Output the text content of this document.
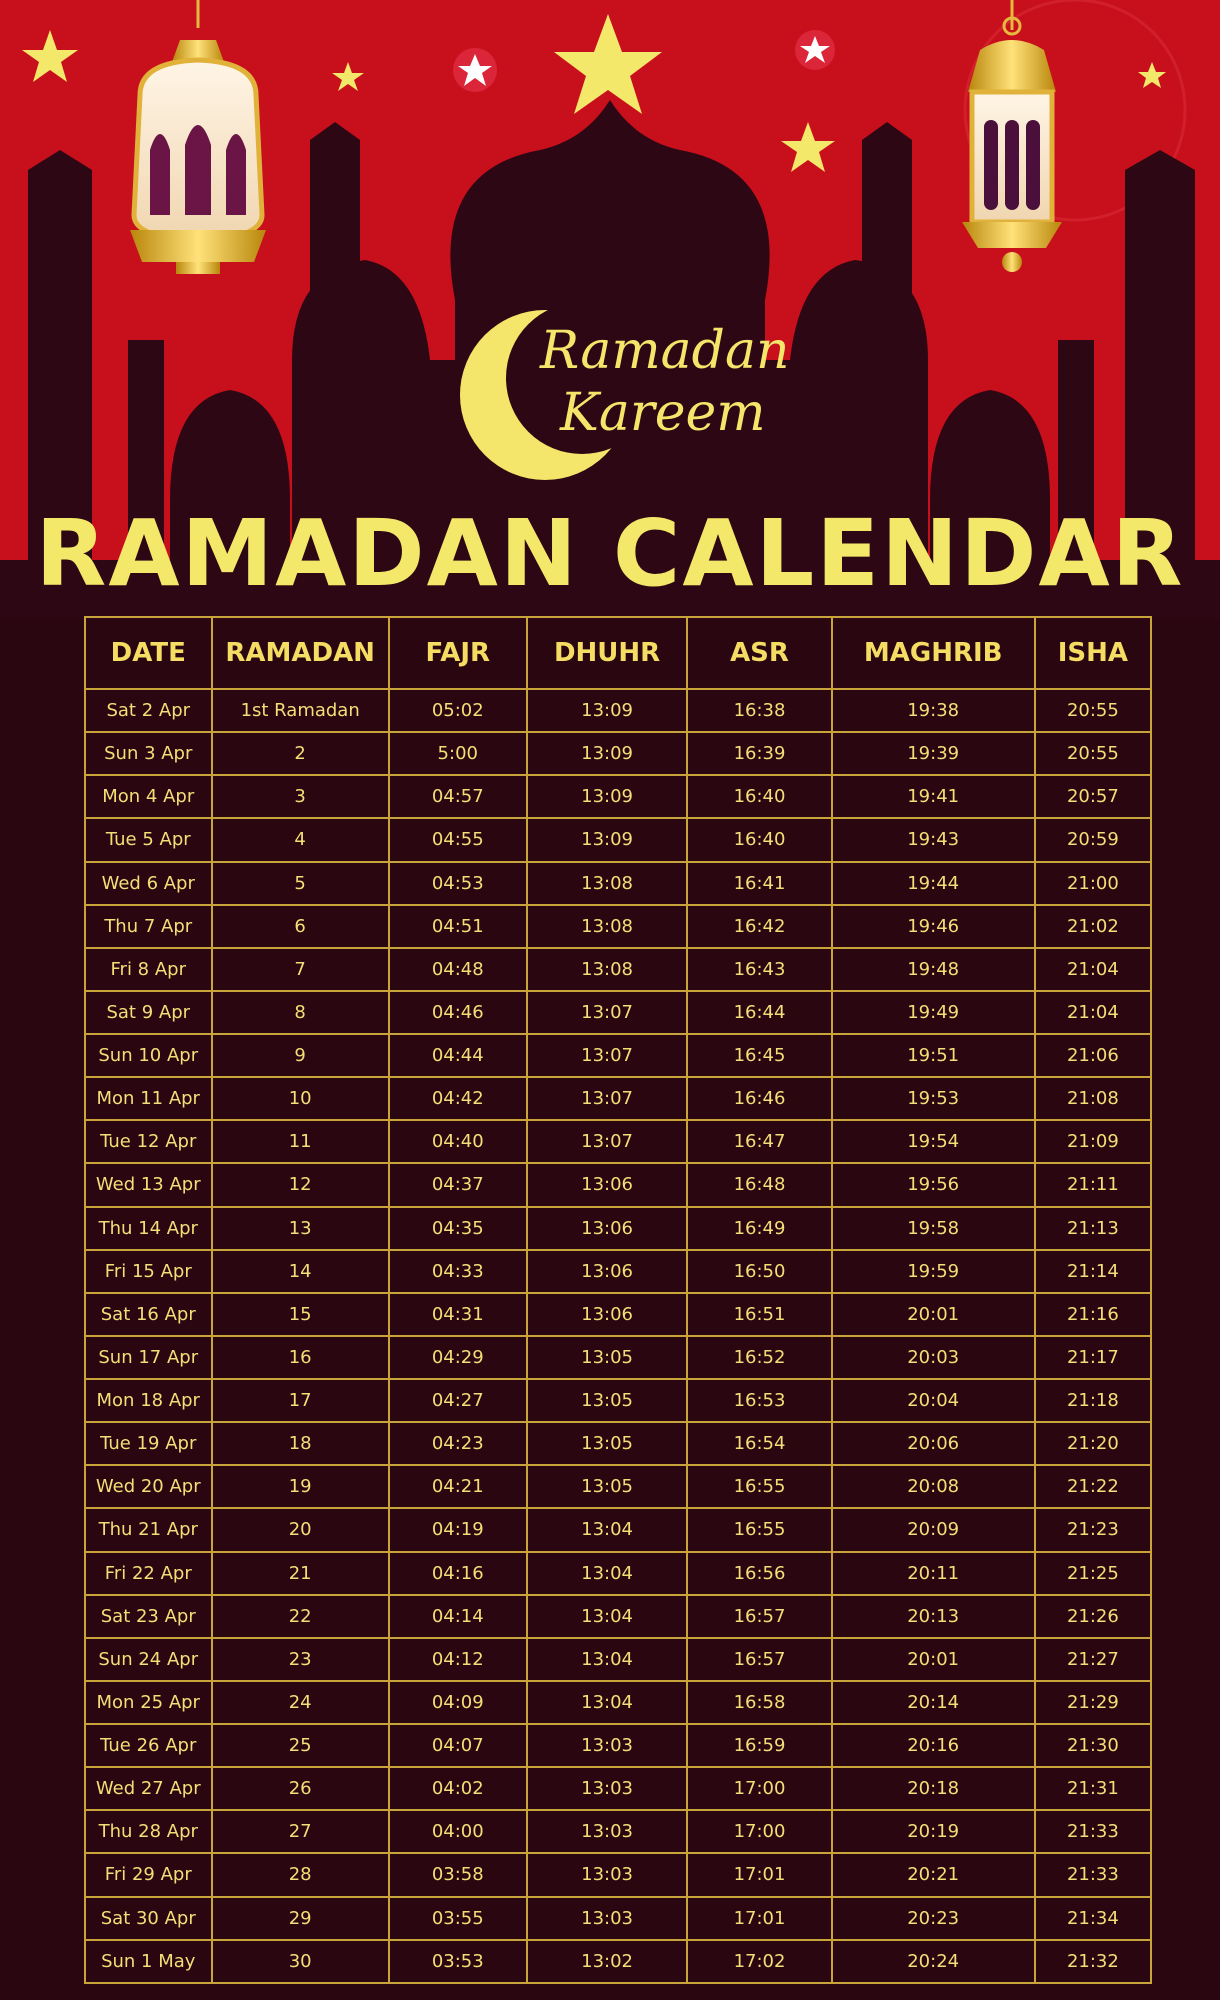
Ramadan

Kareem
RAMADAN CALENDAR
DATE	RAMADAN	FAJR	DHUHR	ASR	MAGHRIB	ISHA
Sat 2 Apr	1st Ramadan	05:02	13:09	16:38	19:38	20:55
Sun 3 Apr	2	5:00	13:09	16:39	19:39	20:55
Mon 4 Apr	3	04:57	13:09	16:40	19:41	20:57
Tue 5 Apr	4	04:55	13:09	16:40	19:43	20:59
Wed 6 Apr	5	04:53	13:08	16:41	19:44	21:00
Thu 7 Apr	6	04:51	13:08	16:42	19:46	21:02
Fri 8 Apr	7	04:48	13:08	16:43	19:48	21:04
Sat 9 Apr	8	04:46	13:07	16:44	19:49	21:04
Sun 10 Apr	9	04:44	13:07	16:45	19:51	21:06
Mon 11 Apr	10	04:42	13:07	16:46	19:53	21:08
Tue 12 Apr	11	04:40	13:07	16:47	19:54	21:09
Wed 13 Apr	12	04:37	13:06	16:48	19:56	21:11
Thu 14 Apr	13	04:35	13:06	16:49	19:58	21:13
Fri 15 Apr	14	04:33	13:06	16:50	19:59	21:14
Sat 16 Apr	15	04:31	13:06	16:51	20:01	21:16
Sun 17 Apr	16	04:29	13:05	16:52	20:03	21:17
Mon 18 Apr	17	04:27	13:05	16:53	20:04	21:18
Tue 19 Apr	18	04:23	13:05	16:54	20:06	21:20
Wed 20 Apr	19	04:21	13:05	16:55	20:08	21:22
Thu 21 Apr	20	04:19	13:04	16:55	20:09	21:23
Fri 22 Apr	21	04:16	13:04	16:56	20:11	21:25
Sat 23 Apr	22	04:14	13:04	16:57	20:13	21:26
Sun 24 Apr	23	04:12	13:04	16:57	20:01	21:27
Mon 25 Apr	24	04:09	13:04	16:58	20:14	21:29
Tue 26 Apr	25	04:07	13:03	16:59	20:16	21:30
Wed 27 Apr	26	04:02	13:03	17:00	20:18	21:31
Thu 28 Apr	27	04:00	13:03	17:00	20:19	21:33
Fri 29 Apr	28	03:58	13:03	17:01	20:21	21:33
Sat 30 Apr	29	03:55	13:03	17:01	20:23	21:34
Sun 1 May	30	03:53	13:02	17:02	20:24	21:32
